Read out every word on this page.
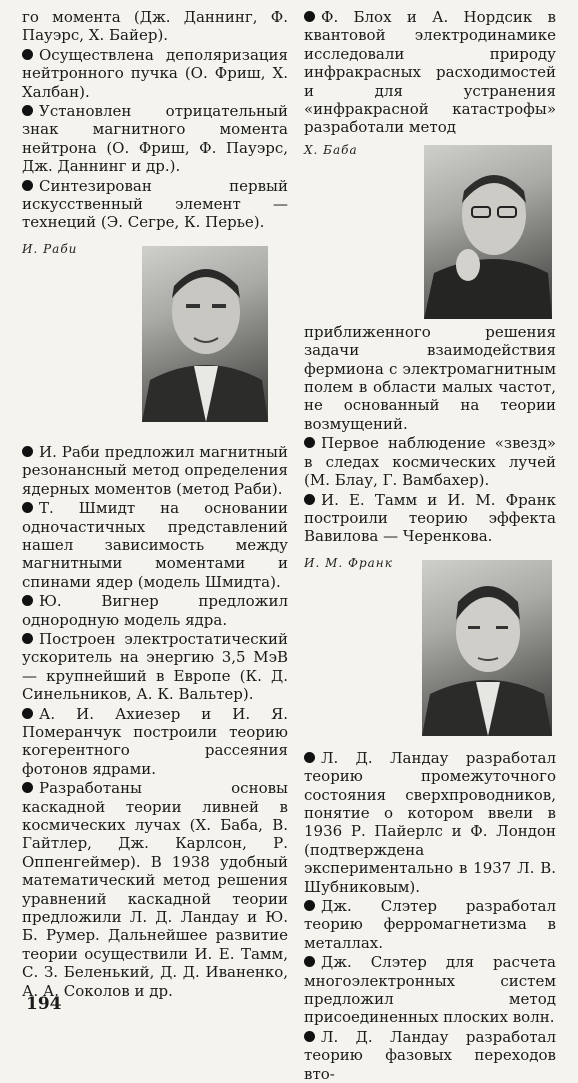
го момента (Дж. Даннинг, Ф. Пауэрс, Х. Байер).

Осуществлена деполяризация нейтронного пучка (О. Фриш, Х. Халбан).

Установлен отрицательный знак магнитного момента нейтрона (О. Фриш, Ф. Пауэрс, Дж. Даннинг и др.).

Синтезирован первый искусственный элемент — технеций (Э. Сегре, К. Перье).

И. Раби

И. Раби предложил магнитный резонансный метод определения ядерных моментов (метод Раби).

Т. Шмидт на основании одночастичных представлений нашел зависимость между магнитными моментами и спинами ядер (модель Шмидта).

Ю. Вигнер предложил однородную модель ядра.

Построен электростатический ускоритель на энергию 3,5 МэВ — крупнейший в Европе (К. Д. Синельников, А. К. Вальтер).

А. И. Ахиезер и И. Я. Померанчук построили теорию когерентного рассеяния фотонов ядрами.

Разработаны основы каскадной теории ливней в космических лучах (Х. Баба, В. Гайтлер, Дж. Карлсон, Р. Оппенгеймер). В 1938 удобный математический метод решения уравнений каскадной теории предложили Л. Д. Ландау и Ю. Б. Румер. Дальнейшее развитие теории осуществили И. Е. Тамм, С. З. Беленький, Д. Д. Иваненко, А. А. Соколов и др.

Ф. Блох и А. Нордсик в квантовой электродинамике исследовали природу инфракрасных расходимостей и для устранения «инфракрасной катастрофы» разработали метод

Х. Баба

приближенного решения задачи взаимодействия фермиона с электромагнитным полем в области малых частот, не основанный на теории возмущений.

Первое наблюдение «звезд» в следах космических лучей (М. Блау, Г. Вамбахер).

И. Е. Тамм и И. М. Франк построили теорию эффекта Вавилова — Черенкова.

И. М. Франк

Л. Д. Ландау разработал теорию промежуточного состояния сверхпроводников, понятие о котором ввели в 1936 Р. Пайерлс и Ф. Лондон (подтверждена экспериментально в 1937 Л. В. Шубниковым).

Дж. Слэтер разработал теорию ферромагнетизма в металлах.

Дж. Слэтер для расчета многоэлектронных систем предложил метод присоединенных плоских волн.

Л. Д. Ландау разработал теорию фазовых переходов вто-

194
